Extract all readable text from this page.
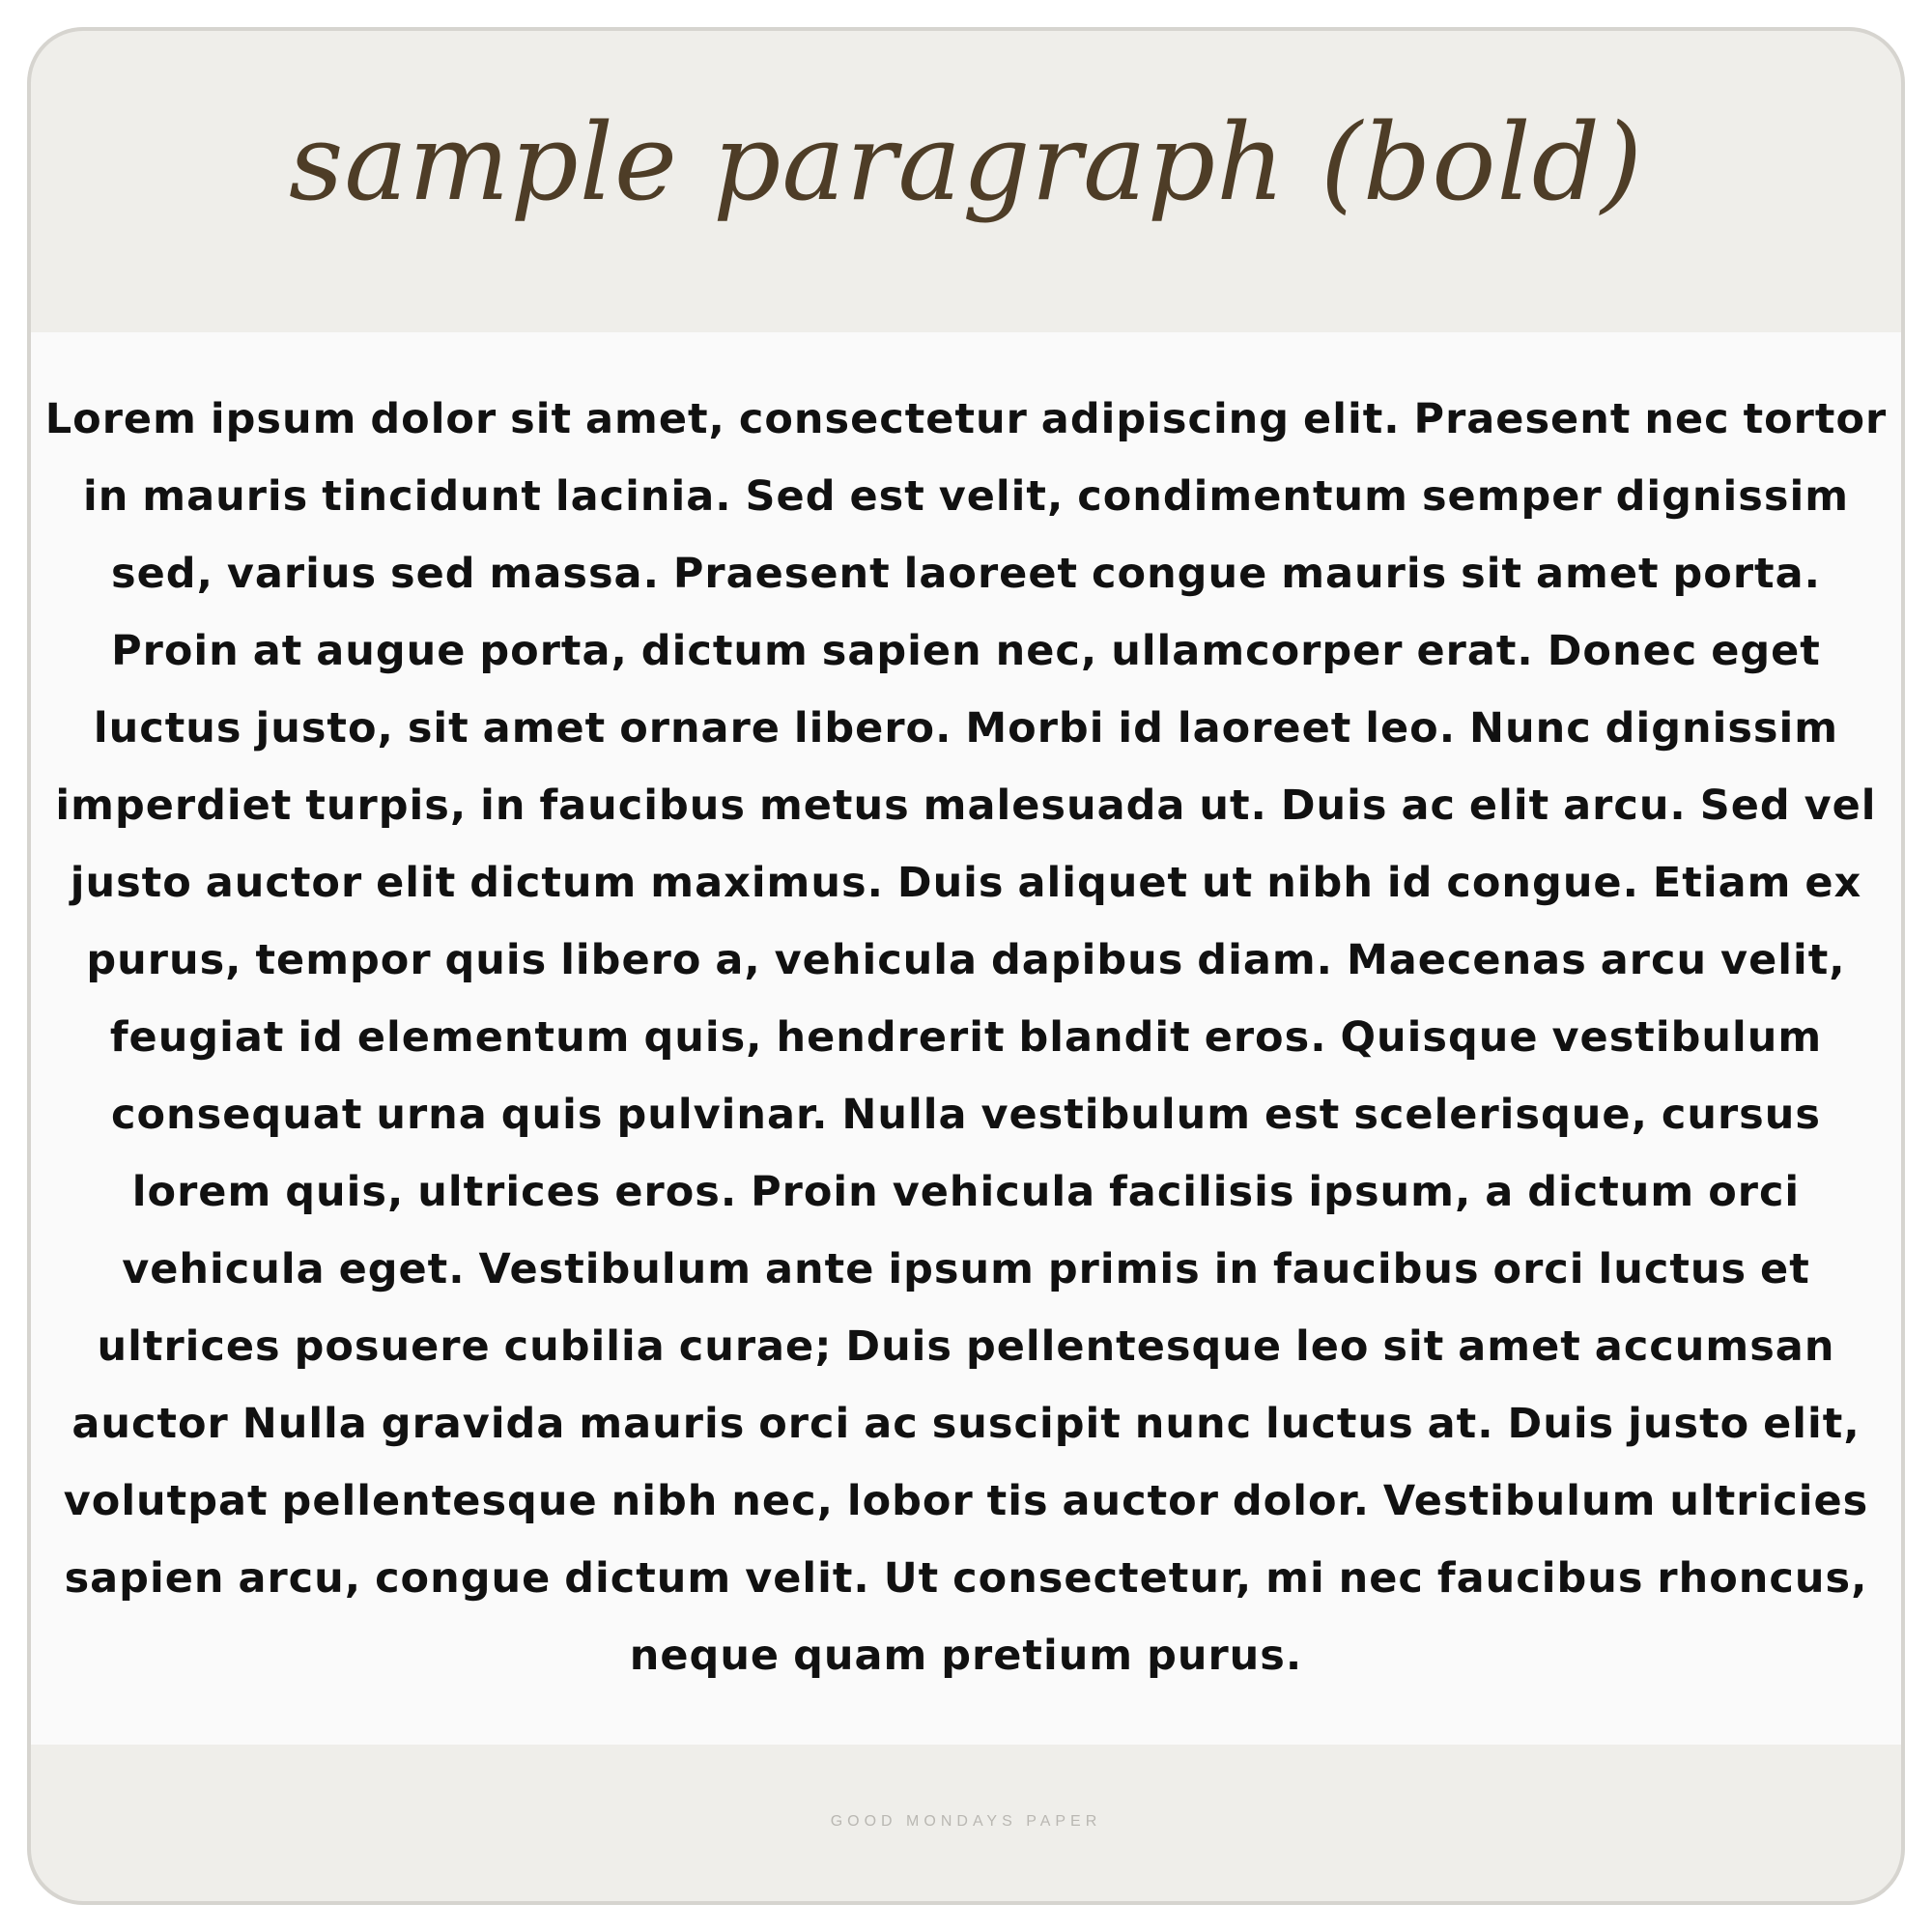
sample paragraph (bold)

Lorem ipsum dolor sit amet, consectetur adipiscing elit. Praesent nec tortor in mauris tincidunt lacinia. Sed est velit, condimentum semper dignissim sed, varius sed massa. Praesent laoreet congue mauris sit amet porta. Proin at augue porta, dictum sapien nec, ullamcorper erat. Donec eget luctus justo, sit amet ornare libero. Morbi id laoreet leo. Nunc dignissim imperdiet turpis, in faucibus metus malesuada ut. Duis ac elit arcu. Sed vel justo auctor elit dictum maximus. Duis aliquet ut nibh id congue. Etiam ex purus, tempor quis libero a, vehicula dapibus diam. Maecenas arcu velit, feugiat id elementum quis, hendrerit blandit eros. Quisque vestibulum consequat urna quis pulvinar. Nulla vestibulum est scelerisque, cursus lorem quis, ultrices eros. Proin vehicula facilisis ipsum, a dictum orci vehicula eget. Vestibulum ante ipsum primis in faucibus orci luctus et ultrices posuere cubilia curae; Duis pellentesque leo sit amet accumsan auctor Nulla gravida mauris orci ac suscipit nunc luctus at. Duis justo elit, volutpat pellentesque nibh nec, lobor tis auctor dolor. Vestibulum ultricies sapien arcu, congue dictum velit. Ut consectetur, mi nec faucibus rhoncus, neque quam pretium purus.

GOOD MONDAYS PAPER
